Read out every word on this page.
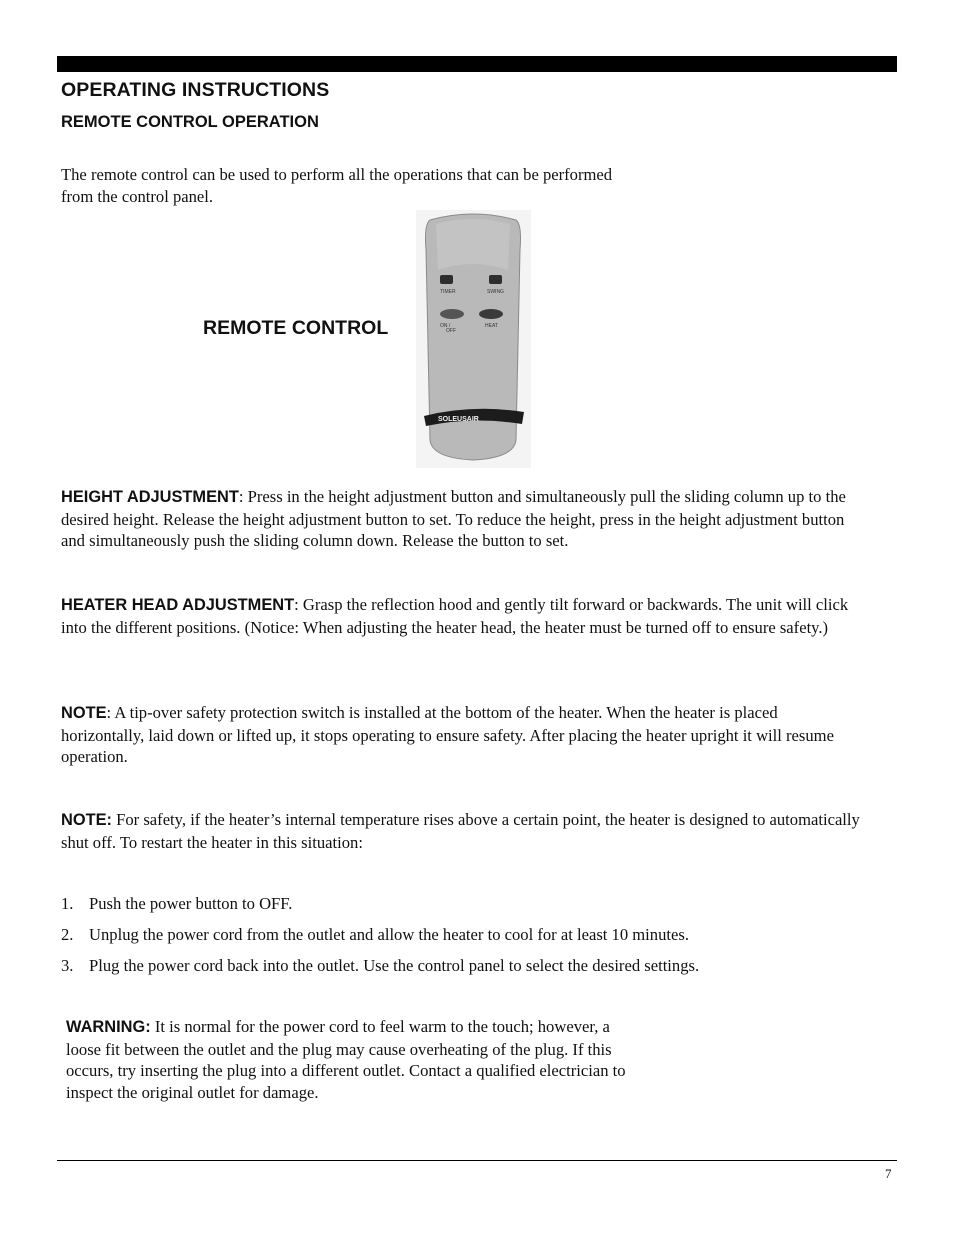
OPERATING INSTRUCTIONS
REMOTE CONTROL OPERATION

The remote control can be used to perform all the operations that can be performed from the control panel.

REMOTE CONTROL
TIMER	SWING
ON /
OFF
HEAT
SOLEUSAIR

HEIGHT ADJUSTMENT: Press in the height adjustment button and simultaneously pull the sliding column up to the desired height. Release the height adjustment button to set. To reduce the height, press in the height adjustment button and simultaneously push the sliding column down. Release the button to set.

HEATER HEAD ADJUSTMENT: Grasp the reflection hood and gently tilt forward or backwards. The unit will click into the different positions. (Notice: When adjusting the heater head, the heater must be turned off to ensure safety.)

NOTE: A tip-over safety protection switch is installed at the bottom of the heater. When the heater is placed horizontally, laid down or lifted up, it stops operating to ensure safety. After placing the heater upright it will resume operation.

NOTE: For safety, if the heater’s internal temperature rises above a certain point, the heater is designed to automatically shut off. To restart the heater in this situation:

1. Push the power button to OFF.
2. Unplug the power cord from the outlet and allow the heater to cool for at least 10 minutes.
3. Plug the power cord back into the outlet. Use the control panel to select the desired settings.

WARNING: It is normal for the power cord to feel warm to the touch; however, a loose fit between the outlet and the plug may cause overheating of the plug. If this occurs, try inserting the plug into a different outlet. Contact a qualified electrician to inspect the original outlet for damage.

7
